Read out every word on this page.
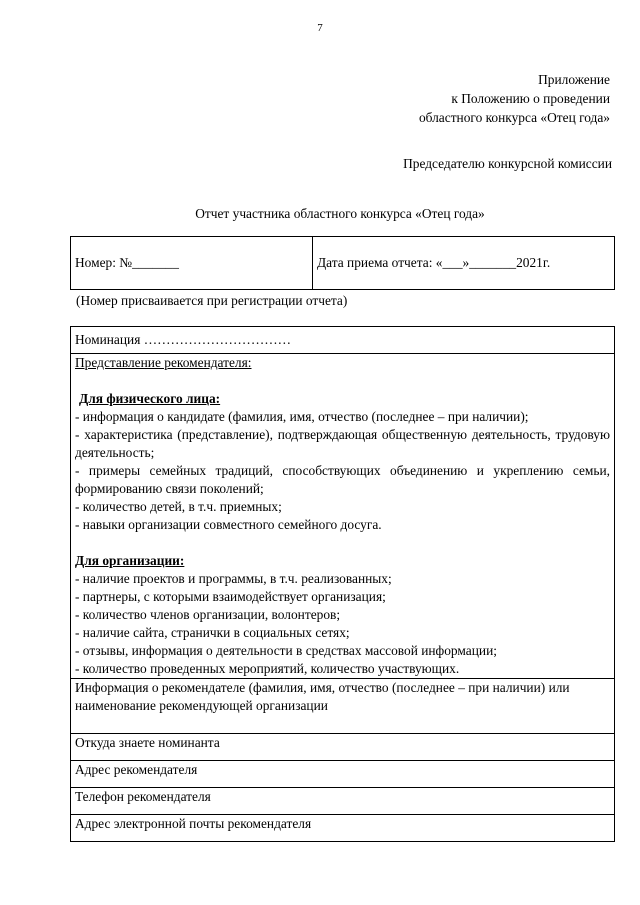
7
Приложение
к Положению о проведении
областного конкурса «Отец года»
Председателю конкурсной комиссии
Отчет участника областного конкурса «Отец года»
Номер: №_______	Дата приема отчета: «___»_______2021г.
(Номер присваивается при регистрации отчета)
Номинация ……………………………

Представление рекомендателя:
Для физического лица:
- информация о кандидате (фамилия, имя, отчество (последнее – при наличии);
- характеристика (представление), подтверждающая общественную деятельность, трудовую деятельность;
- примеры семейных традиций, способствующих объединению и укреплению семьи, формированию связи поколений;
- количество детей, в т.ч. приемных;
- навыки организации совместного семейного досуга.
Для организации:
- наличие проектов и программы, в т.ч. реализованных;
- партнеры, с которыми взаимодействует организация;
- количество членов организации, волонтеров;
- наличие сайта, странички в социальных сетях;
- отзывы, информация о деятельности в средствах массовой информации;
- количество проведенных мероприятий, количество участвующих.

Информация о рекомендателе (фамилия, имя, отчество (последнее – при наличии) или наименование рекомендующей организации
Откуда знаете номинанта
Адрес рекомендателя
Телефон рекомендателя
Адрес электронной почты рекомендателя
